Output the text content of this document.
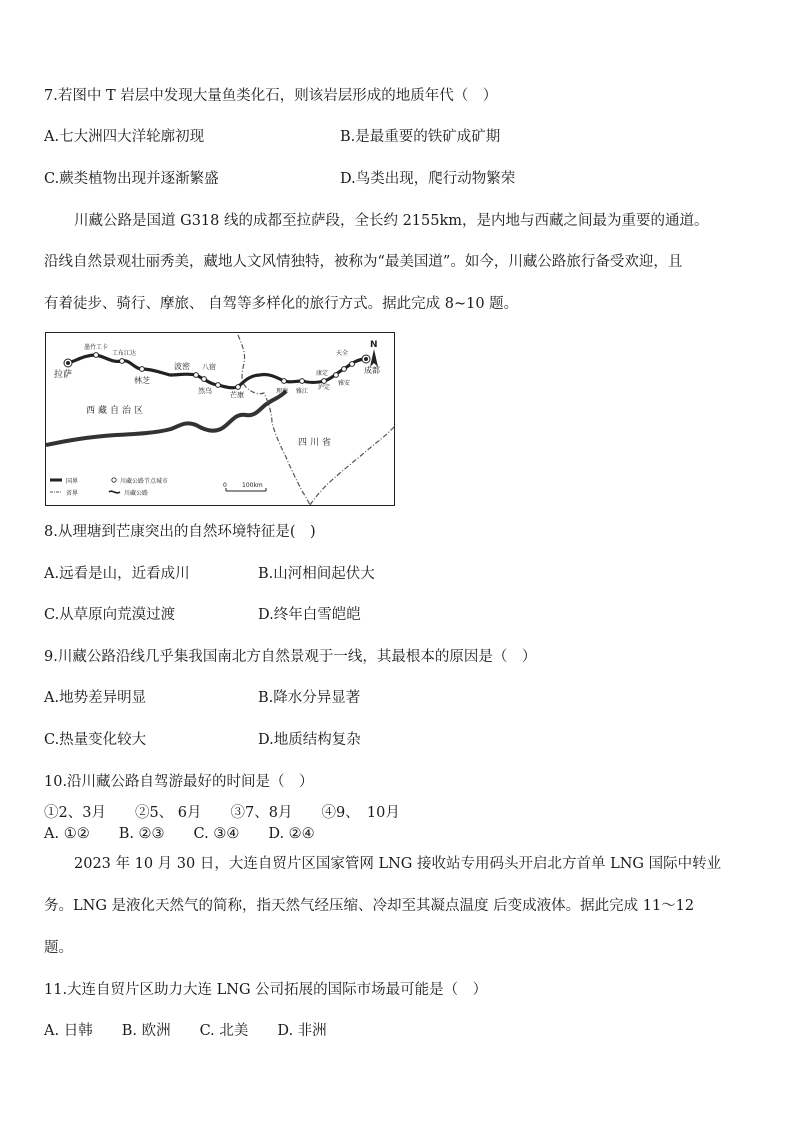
7.若图中 T 岩层中发现大量鱼类化石，则该岩层形成的地质年代（　）
A.七大洲四大洋轮廓初现	B.是最重要的铁矿成矿期
C.蕨类植物出现并逐渐繁盛	D.鸟类出现，爬行动物繁荣
川藏公路是国道 G318 线的成都至拉萨段，全长约 2155km，是内地与西藏之间最为重要的通道。
沿线自然景观壮丽秀美，藏地人文风情独特，被称为“最美国道”。如今，川藏公路旅行备受欢迎，且
有着徒步、骑行、摩旅、 自驾等多样化的旅行方式。据此完成 8~10 题。
N
拉萨
墨竹工卡
工布江达
林芝
波密 八宿
然乌	芒康	理塘 雅江
康定
天全
泸定
雅安
成都
西藏自治区
四川省
国界
省界
川藏公路节点城市
川藏公路
0	100km
8.从理塘到芒康突出的自然环境特征是(　)
A.远看是山，近看成川	B.山河相间起伏大
C.从草原向荒漠过渡	D.终年白雪皑皑
9.川藏公路沿线几乎集我国南北方自然景观于一线，其最根本的原因是（　）
A.地势差异明显	B.降水分异显著
C.热量变化较大	D.地质结构复杂
10.沿川藏公路自驾游最好的时间是（　）
①2、3月　　②5、 6月　　③7、8月　　④9、　10月
A. ①②　　B. ②③　　C. ③④　　D. ②④
2023 年 10 月 30 日，大连自贸片区国家管网 LNG 接收站专用码头开启北方首单 LNG 国际中转业
务。LNG 是液化天然气的简称，指天然气经压缩、冷却至其凝点温度 后变成液体。据此完成 11～12
题。
11.大连自贸片区助力大连 LNG 公司拓展的国际市场最可能是（　）
A. 日韩　　B. 欧洲　　C. 北美　　D. 非洲
